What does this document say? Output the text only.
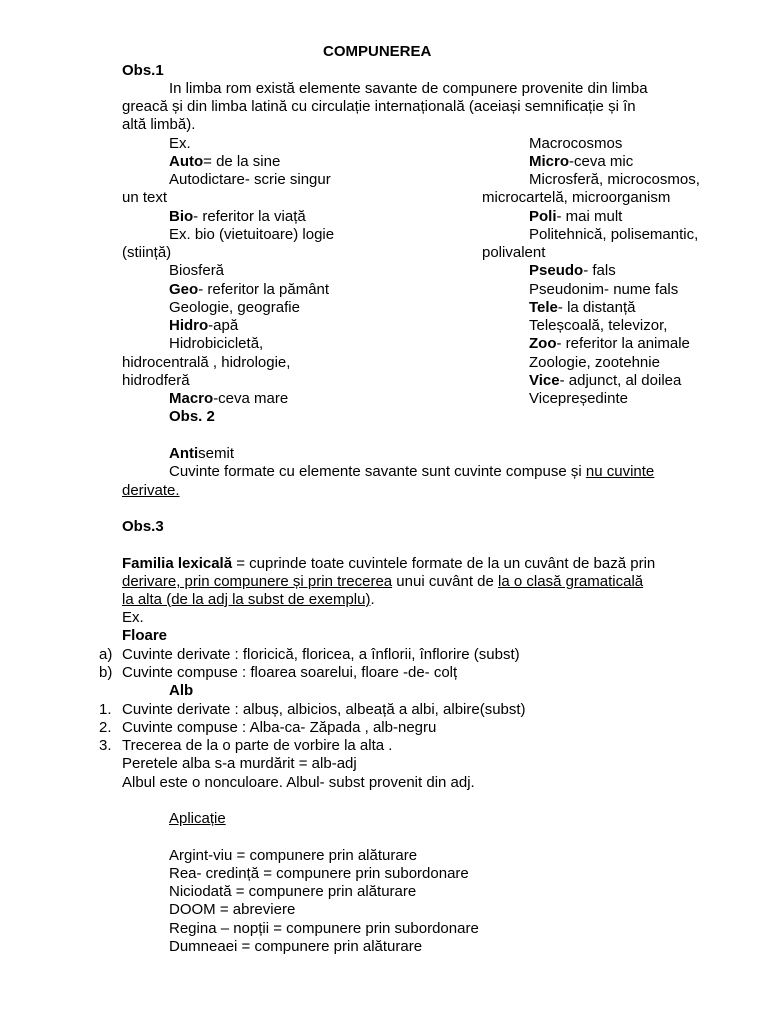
COMPUNEREA
Obs.1
In limba rom există elemente savante de compunere provenite din limba
greacă și din limba latină cu circulație internațională (aceiași semnificație și în
altă limbă).
Ex.
Auto= de la sine
Autodictare- scrie singur
un text
Bio- referitor la viață
Ex. bio (vietuitoare) logie
(stiință)
Biosferă
Geo- referitor la pământ
Geologie, geografie
Hidro-apă
Hidrobicicletă,
hidrocentrală , hidrologie,
hidrodferă
Macro-ceva mare
Obs. 2
Macrocosmos
Micro-ceva mic
Microsferă, microcosmos,
microcartelă, microorganism
Poli- mai mult
Politehnică, polisemantic,
polivalent
Pseudo- fals
Pseudonim- nume fals
Tele- la distanță
Teleșcoală, televizor,
Zoo- referitor la animale
Zoologie, zootehnie
Vice- adjunct, al doilea
Vicepreședinte
Antisemit
Cuvinte formate cu elemente savante sunt cuvinte compuse și nu cuvinte
derivate.
Obs.3
Familia lexicală = cuprinde toate cuvintele formate de la un cuvânt de bază prin
derivare, prin compunere și prin trecerea unui cuvânt de la o clasă gramaticală
la alta (de la adj la subst de exemplu).
Ex.
Floare
a) Cuvinte derivate : floricică, floricea, a înflorii, înflorire (subst)
b) Cuvinte compuse : floarea soarelui, floare -de- colț
Alb
1. Cuvinte derivate : albuș, albicios, albeață a albi, albire(subst)
2. Cuvinte compuse : Alba-ca- Zăpada , alb-negru
3. Trecerea de la o parte de vorbire la alta .
Peretele alba s-a murdărit = alb-adj
Albul este o nonculoare. Albul- subst provenit din adj.
Aplicație
Argint-viu = compunere prin alăturare
Rea- credință = compunere prin subordonare
Niciodată = compunere prin alăturare
DOOM = abreviere
Regina – nopții = compunere prin subordonare
Dumneaei = compunere prin alăturare
